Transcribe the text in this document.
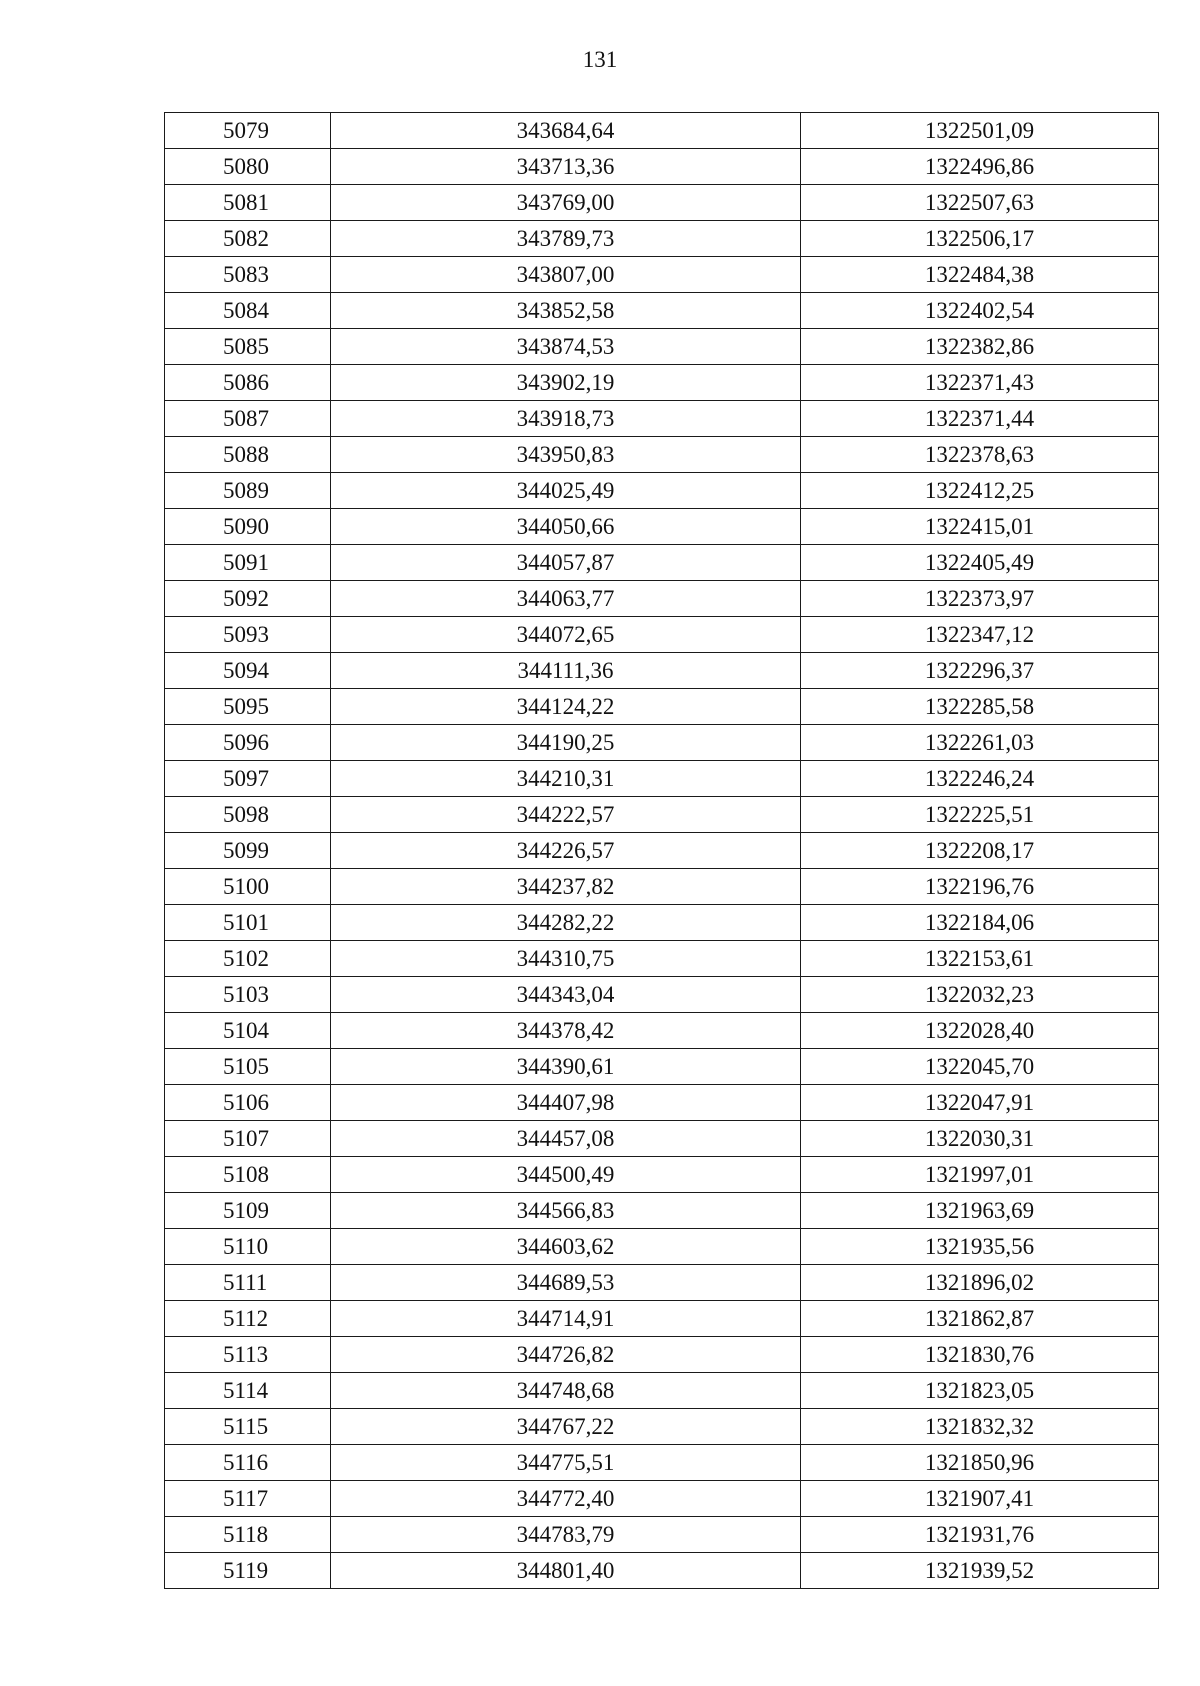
131
5079	343684,64	1322501,09
5080	343713,36	1322496,86
5081	343769,00	1322507,63
5082	343789,73	1322506,17
5083	343807,00	1322484,38
5084	343852,58	1322402,54
5085	343874,53	1322382,86
5086	343902,19	1322371,43
5087	343918,73	1322371,44
5088	343950,83	1322378,63
5089	344025,49	1322412,25
5090	344050,66	1322415,01
5091	344057,87	1322405,49
5092	344063,77	1322373,97
5093	344072,65	1322347,12
5094	344111,36	1322296,37
5095	344124,22	1322285,58
5096	344190,25	1322261,03
5097	344210,31	1322246,24
5098	344222,57	1322225,51
5099	344226,57	1322208,17
5100	344237,82	1322196,76
5101	344282,22	1322184,06
5102	344310,75	1322153,61
5103	344343,04	1322032,23
5104	344378,42	1322028,40
5105	344390,61	1322045,70
5106	344407,98	1322047,91
5107	344457,08	1322030,31
5108	344500,49	1321997,01
5109	344566,83	1321963,69
5110	344603,62	1321935,56
5111	344689,53	1321896,02
5112	344714,91	1321862,87
5113	344726,82	1321830,76
5114	344748,68	1321823,05
5115	344767,22	1321832,32
5116	344775,51	1321850,96
5117	344772,40	1321907,41
5118	344783,79	1321931,76
5119	344801,40	1321939,52
